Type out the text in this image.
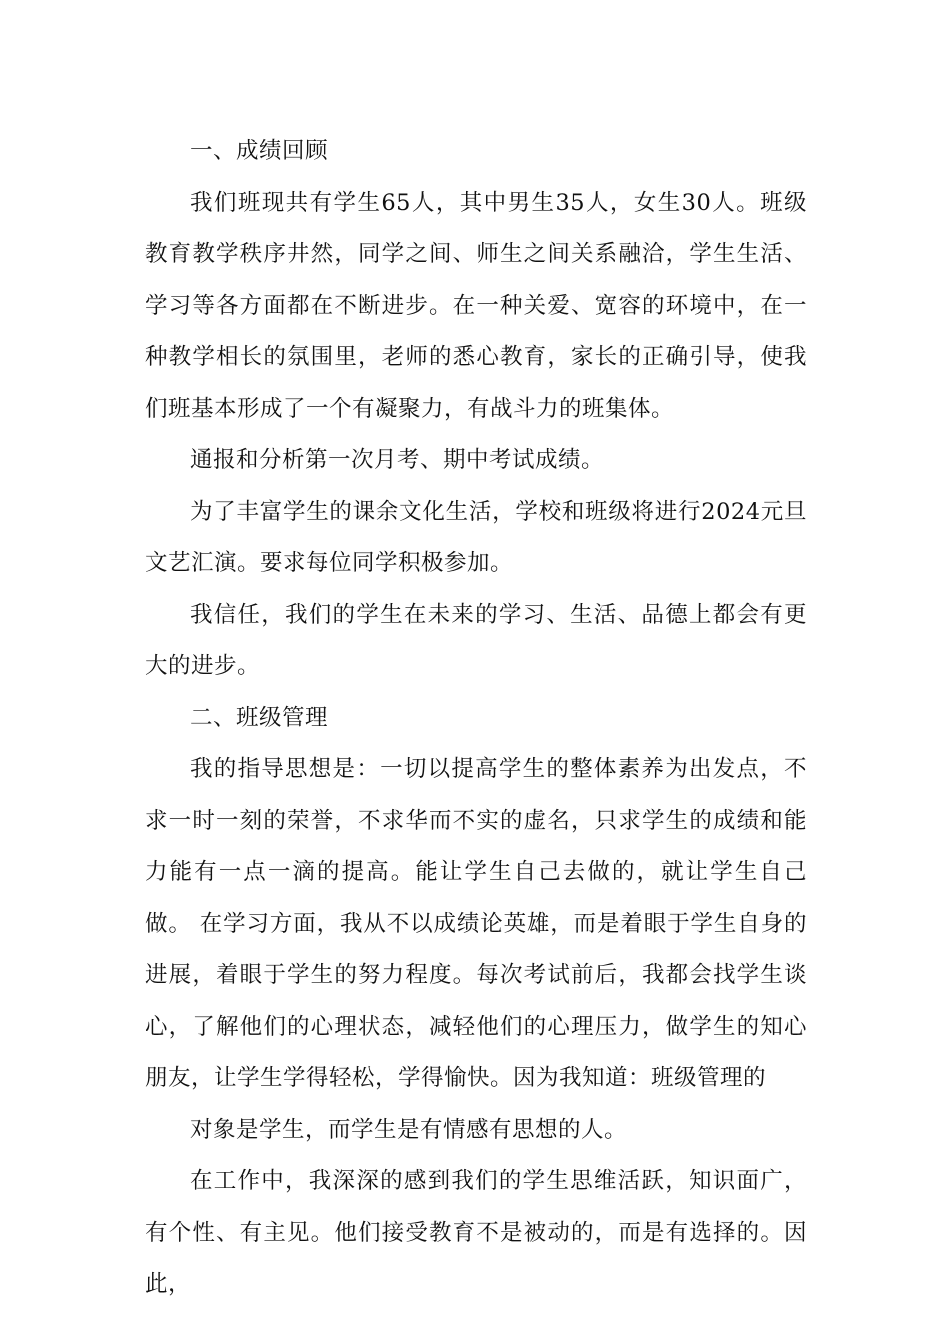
一、成绩回顾

我们班现共有学生65人，其中男生35人，女生30人。班级教育教学秩序井然，同学之间、师生之间关系融洽，学生生活、学习等各方面都在不断进步。在一种关爱、宽容的环境中，在一种教学相长的氛围里，老师的悉心教育，家长的正确引导，使我们班基本形成了一个有凝聚力，有战斗力的班集体。

通报和分析第一次月考、期中考试成绩。

为了丰富学生的课余文化生活，学校和班级将进行2024元旦文艺汇演。要求每位同学积极参加。

我信任，我们的学生在未来的学习、生活、品德上都会有更大的进步。

二、班级管理

我的指导思想是：一切以提高学生的整体素养为出发点，不求一时一刻的荣誉，不求华而不实的虚名，只求学生的成绩和能力能有一点一滴的提高。能让学生自己去做的，就让学生自己做。 在学习方面，我从不以成绩论英雄，而是着眼于学生自身的进展，着眼于学生的努力程度。每次考试前后，我都会找学生谈心，了解他们的心理状态，减轻他们的心理压力，做学生的知心朋友，让学生学得轻松，学得愉快。因为我知道：班级管理的

对象是学生，而学生是有情感有思想的人。

在工作中，我深深的感到我们的学生思维活跃，知识面广，有个性、有主见。他们接受教育不是被动的，而是有选择的。因此，
